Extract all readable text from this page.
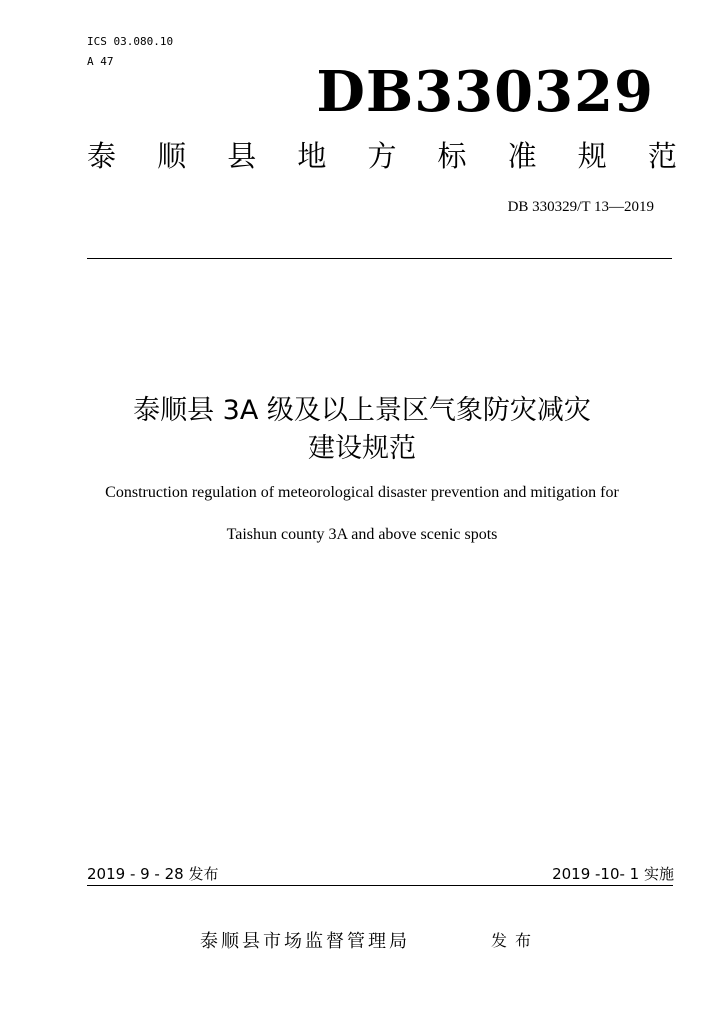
ICS 03.080.10
A 47	DB330329
泰 顺 县 地 方 标 准 规 范
DB 330329/T 13—2019
泰顺县 3A 级及以上景区气象防灾减灾
建设规范
Construction regulation of meteorological disaster prevention and mitigation for
Taishun county 3A and above scenic spots
2019 - 9 - 28 发布	2019 -10- 1 实施
泰顺县市场监督管理局	发布
